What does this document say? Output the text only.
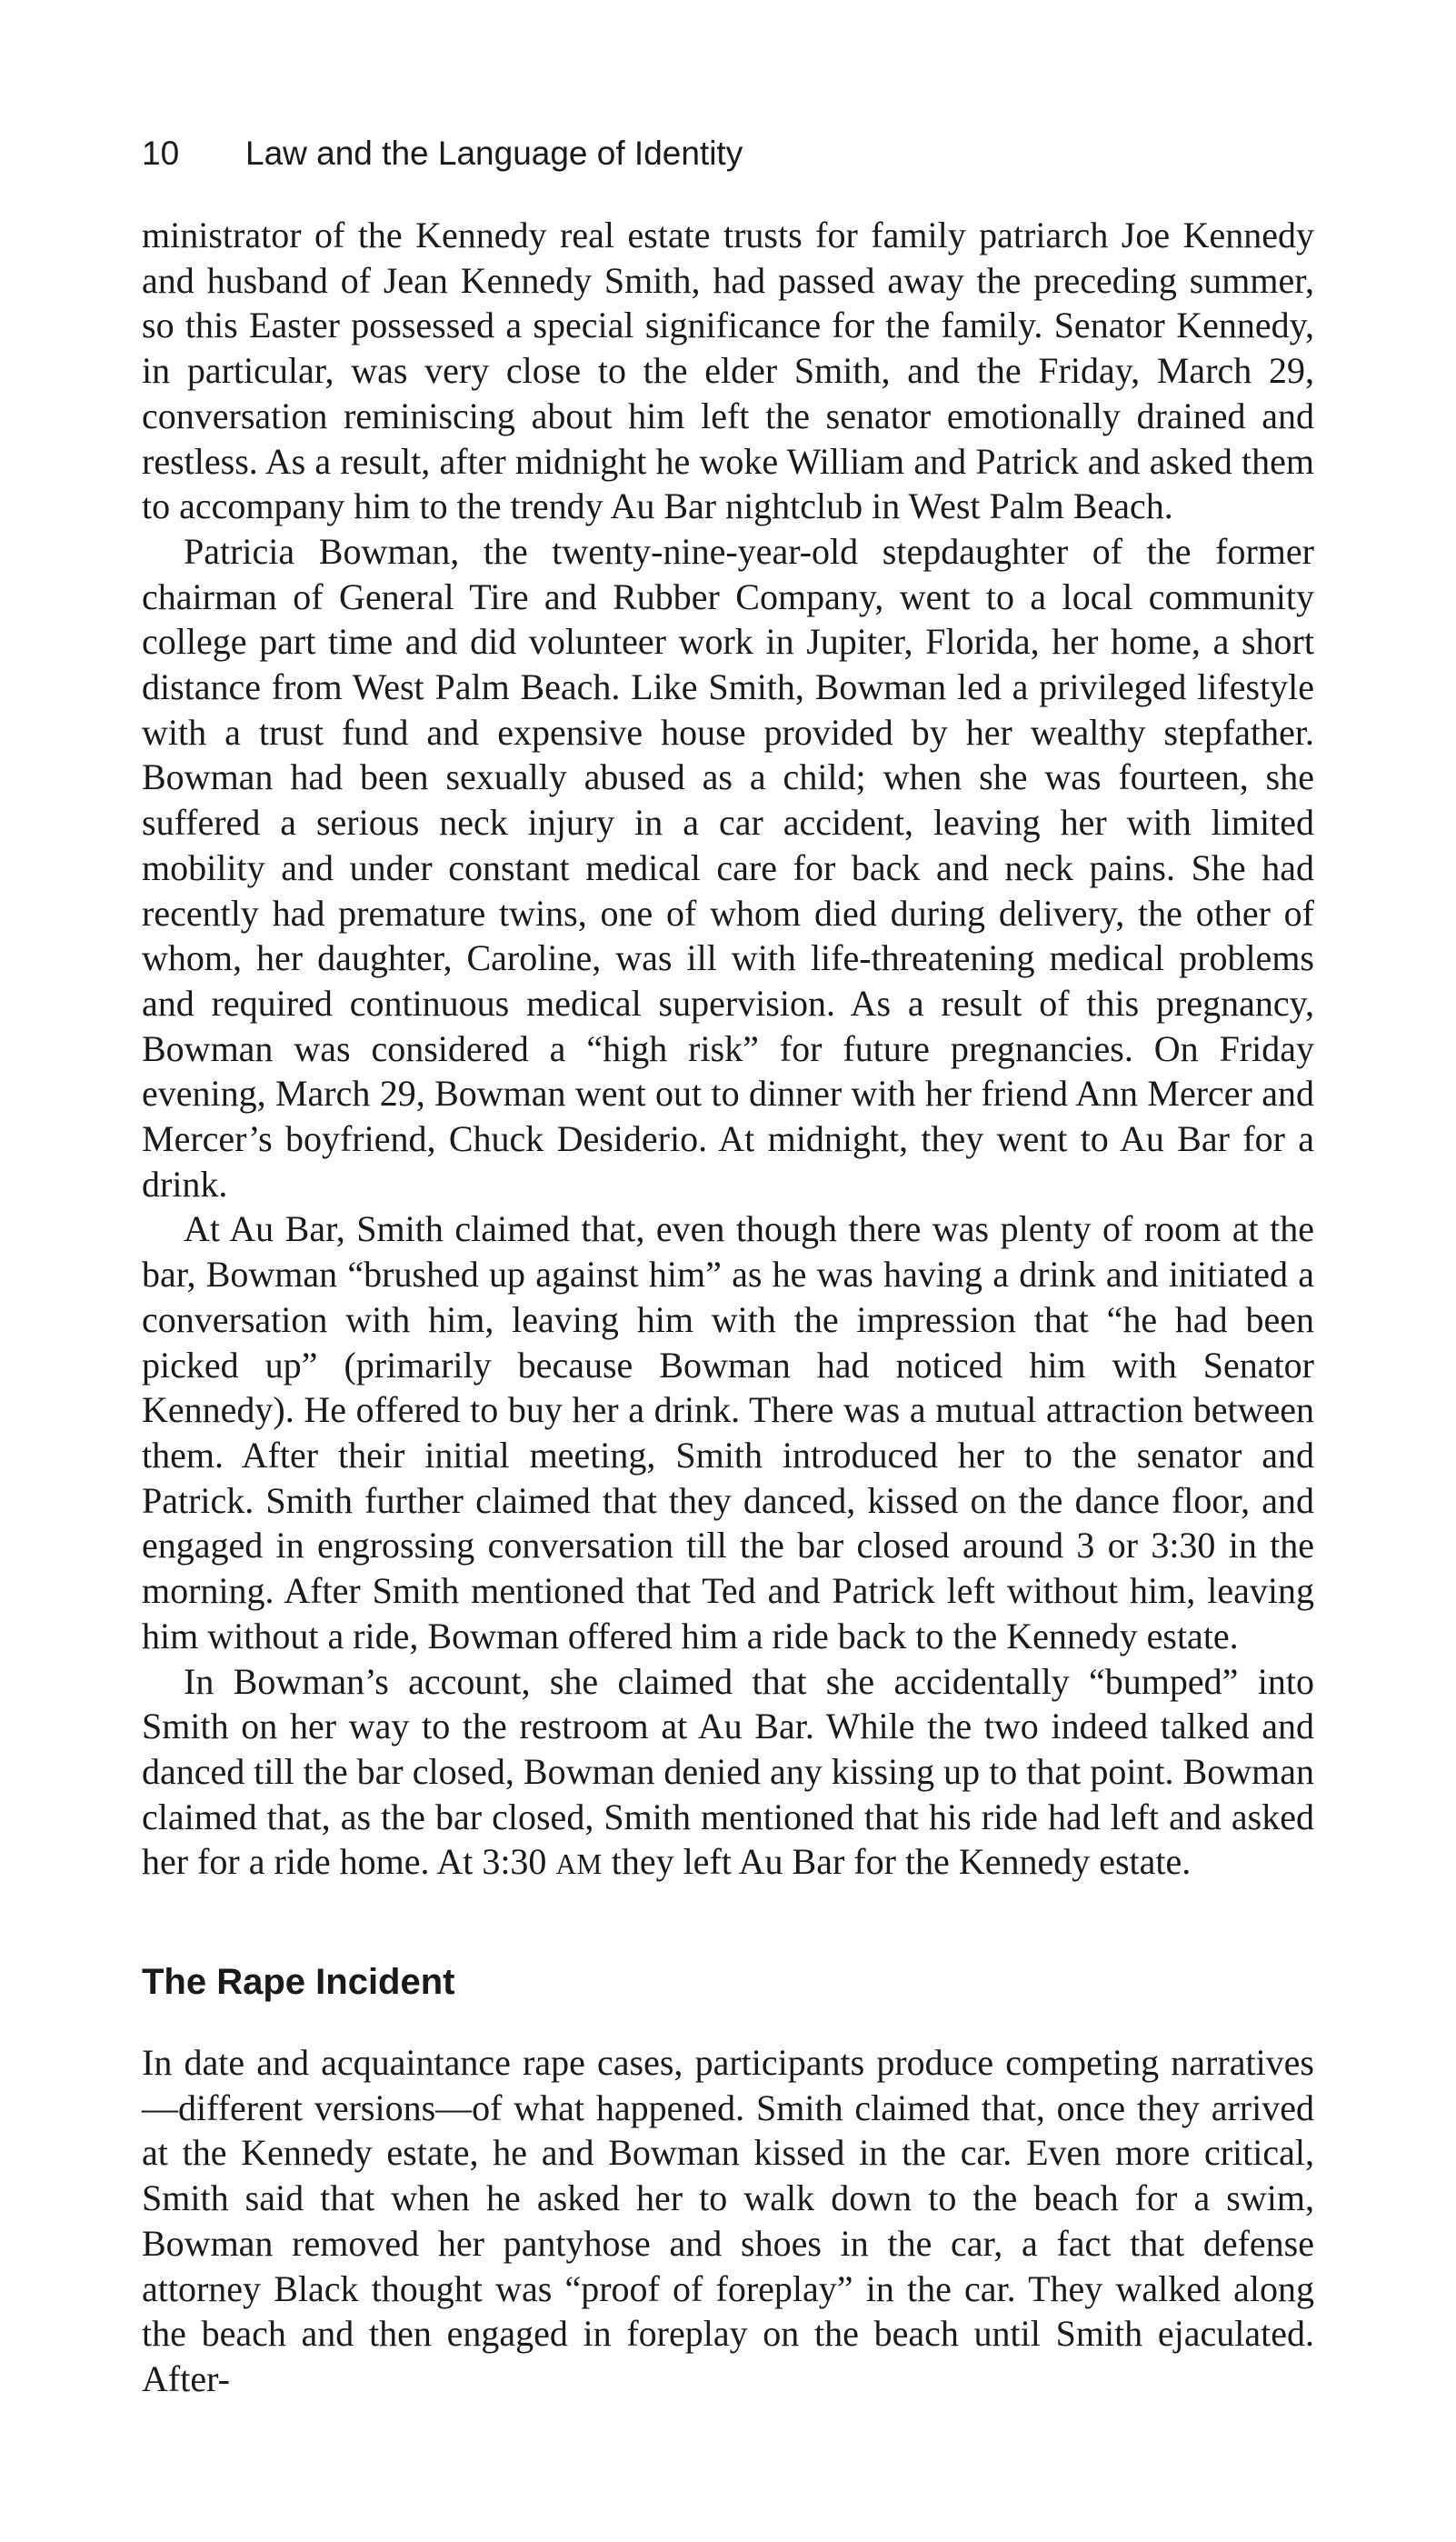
10 Law and the Language of Identity

ministrator of the Kennedy real estate trusts for family patriarch Joe Kennedy and husband of Jean Kennedy Smith, had passed away the preceding summer, so this Easter possessed a special significance for the family. Senator Kennedy, in particular, was very close to the elder Smith, and the Friday, March 29, conversation reminiscing about him left the senator emotionally drained and restless. As a result, after midnight he woke William and Patrick and asked them to accompany him to the trendy Au Bar nightclub in West Palm Beach.

Patricia Bowman, the twenty-nine-year-old stepdaughter of the former chairman of General Tire and Rubber Company, went to a local community college part time and did volunteer work in Jupiter, Florida, her home, a short distance from West Palm Beach. Like Smith, Bowman led a privileged lifestyle with a trust fund and expensive house provided by her wealthy stepfather. Bowman had been sexually abused as a child; when she was fourteen, she suffered a serious neck injury in a car accident, leaving her with limited mobility and under constant medical care for back and neck pains. She had recently had premature twins, one of whom died during delivery, the other of whom, her daughter, Caroline, was ill with life-threatening medical problems and required continuous medical supervision. As a result of this pregnancy, Bowman was considered a “high risk” for future pregnancies. On Friday evening, March 29, Bowman went out to dinner with her friend Ann Mercer and Mercer’s boyfriend, Chuck Desiderio. At midnight, they went to Au Bar for a drink.

At Au Bar, Smith claimed that, even though there was plenty of room at the bar, Bowman “brushed up against him” as he was having a drink and initiated a conversation with him, leaving him with the impression that “he had been picked up” (primarily because Bowman had noticed him with Senator Kennedy). He offered to buy her a drink. There was a mutual attraction between them. After their initial meeting, Smith introduced her to the senator and Patrick. Smith further claimed that they danced, kissed on the dance floor, and engaged in engrossing conversation till the bar closed around 3 or 3:30 in the morning. After Smith mentioned that Ted and Patrick left without him, leaving him without a ride, Bowman offered him a ride back to the Kennedy estate.

In Bowman’s account, she claimed that she accidentally “bumped” into Smith on her way to the restroom at Au Bar. While the two indeed talked and danced till the bar closed, Bowman denied any kissing up to that point. Bowman claimed that, as the bar closed, Smith mentioned that his ride had left and asked her for a ride home. At 3:30 AM they left Au Bar for the Kennedy estate.

The Rape Incident

In date and acquaintance rape cases, participants produce competing narratives—different versions—of what happened. Smith claimed that, once they arrived at the Kennedy estate, he and Bowman kissed in the car. Even more critical, Smith said that when he asked her to walk down to the beach for a swim, Bowman removed her pantyhose and shoes in the car, a fact that defense attorney Black thought was “proof of foreplay” in the car. They walked along the beach and then engaged in foreplay on the beach until Smith ejaculated. After-
